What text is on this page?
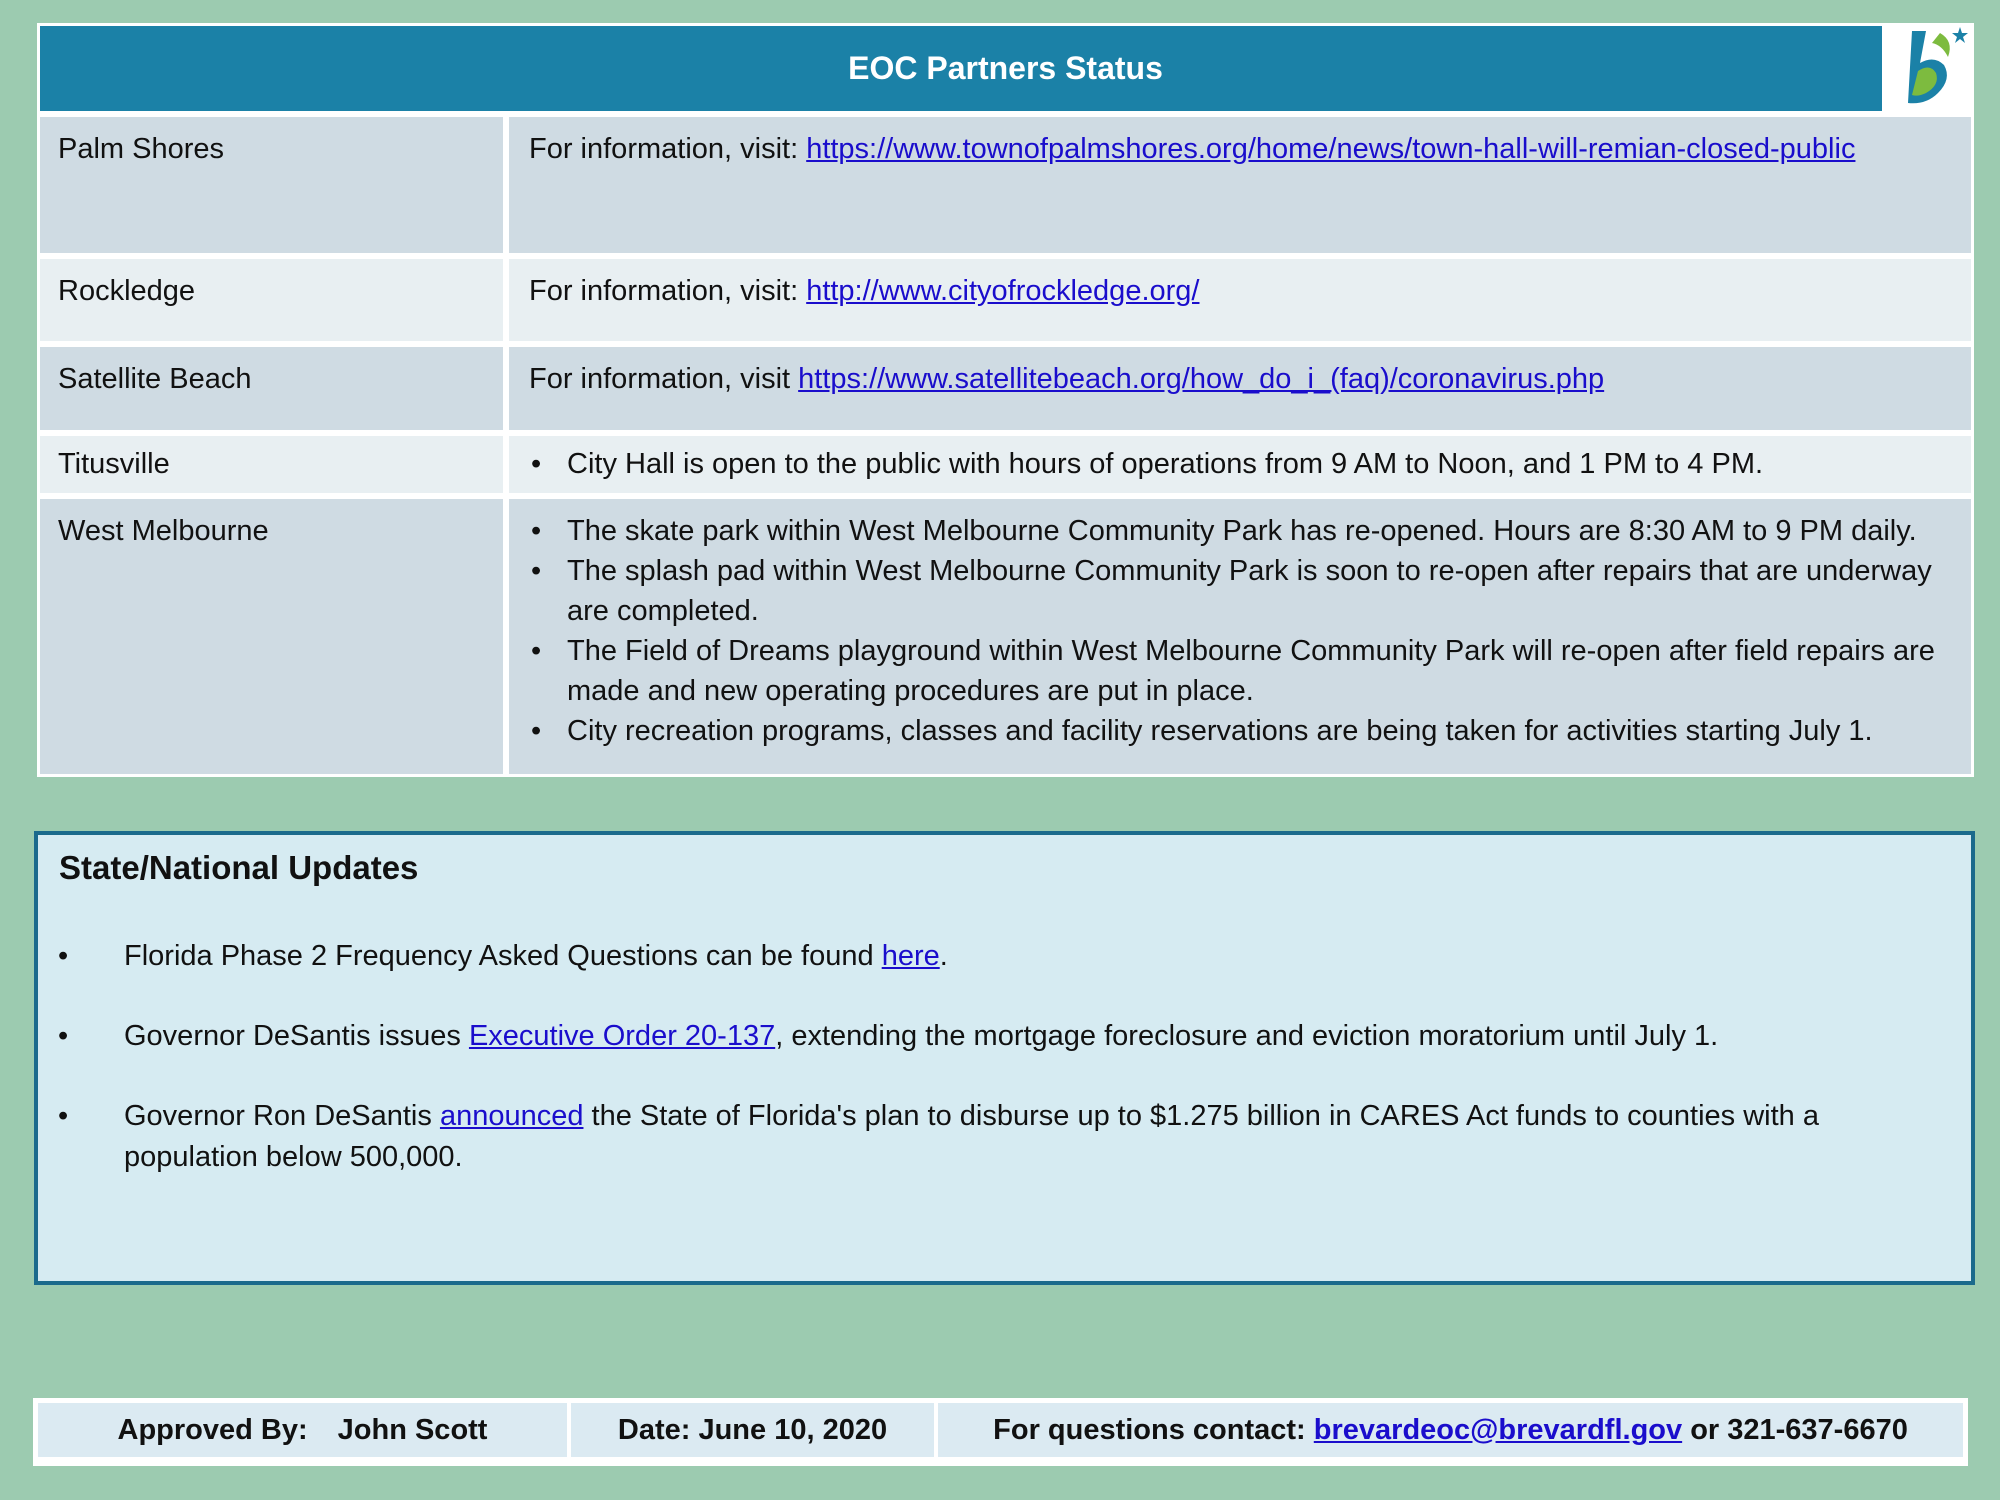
EOC Partners Status
Palm Shores	For information, visit: https://www.townofpalmshores.org/home/news/town-hall-will-remian-closed-public
Rockledge	For information, visit: http://www.cityofrockledge.org/
Satellite Beach	For information, visit https://www.satellitebeach.org/how_do_i_(faq)/coronavirus.php
Titusville	• City Hall is open to the public with hours of operations from 9 AM to Noon, and 1 PM to 4 PM.
West Melbourne	• The skate park within West Melbourne Community Park has re-opened. Hours are 8:30 AM to 9 PM daily.
• The splash pad within West Melbourne Community Park is soon to re-open after repairs that are underway are completed.
• The Field of Dreams playground within West Melbourne Community Park will re-open after field repairs are made and new operating procedures are put in place.
• City recreation programs, classes and facility reservations are being taken for activities starting July 1.
State/National Updates
• Florida Phase 2 Frequency Asked Questions can be found here.
• Governor DeSantis issues Executive Order 20-137, extending the mortgage foreclosure and eviction moratorium until July 1.
• Governor Ron DeSantis announced the State of Florida's plan to disburse up to $1.275 billion in CARES Act funds to counties with a population below 500,000.
Approved By: John Scott	Date: June 10, 2020	For questions contact: brevardeoc@brevardfl.gov or 321-637-6670
